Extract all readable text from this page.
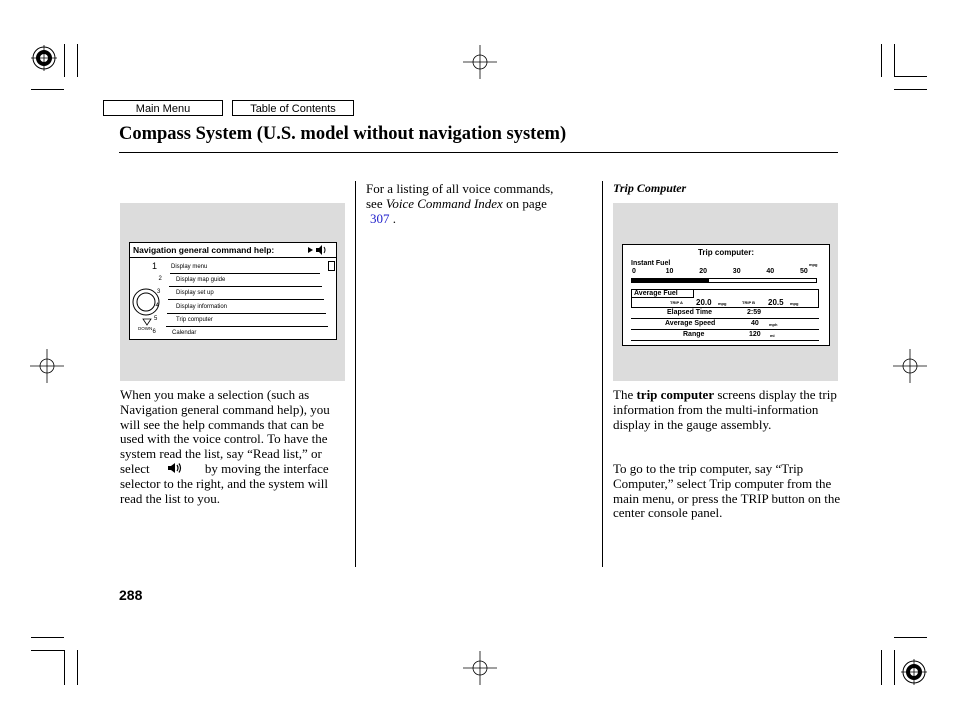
Main Menu	Table of Contents
Compass System (U.S. model without navigation system)
Navigation general command help:
DOWN
1 Display menu
2 Display map guide
3	Display set up
4	Display information
5	Trip computer
6	Calendar

When you make a selection (such as Navigation general command help), you will see the help commands that can be used with the voice control. To have the system read the list, say “Read list,” or select	by moving the interface selector to the right, and the system will read the list to you.

288

For a listing of all voice commands,

see Voice Command Index on page

307 .

Trip Computer
Trip computer:
Instant Fuel	mpg
0	10	20	30	40	50
Average Fuel
TRIP A 20.0 mpg	TRIP B 20.5 mpg
Elapsed Time	2:59
Average Speed	40	mph
Range	120 mi

The trip computer screens display the trip information from the multi-information display in the gauge assembly.

To go to the trip computer, say “Trip Computer,” select Trip computer from the main menu, or press the TRIP button on the center console panel.
